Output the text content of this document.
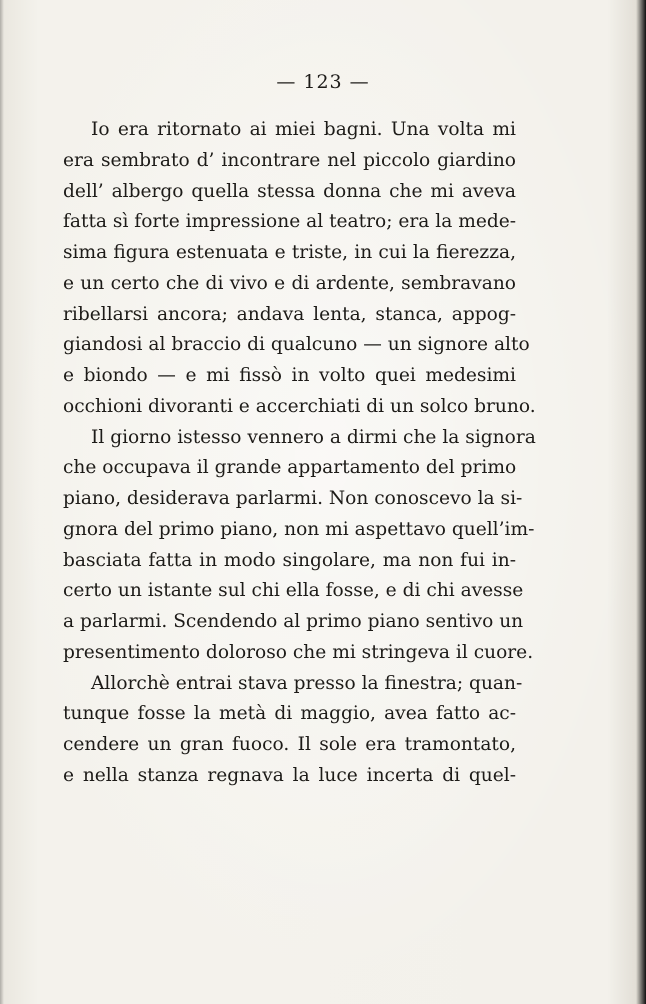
— 123 —
Io era ritornato ai miei bagni. Una volta mi
era sembrato d’ incontrare nel piccolo giardino
dell’ albergo quella stessa donna che mi aveva
fatta sì forte impressione al teatro; era la mede-
sima figura estenuata e triste, in cui la fierezza,
e un certo che di vivo e di ardente, sembravano
ribellarsi ancora; andava lenta, stanca, appog-
giandosi al braccio di qualcuno — un signore alto
e biondo — e mi fissò in volto quei medesimi
occhioni divoranti e accerchiati di un solco bruno.
Il giorno istesso vennero a dirmi che la signora
che occupava il grande appartamento del primo
piano, desiderava parlarmi. Non conoscevo la si-
gnora del primo piano, non mi aspettavo quell’im-
basciata fatta in modo singolare, ma non fui in-
certo un istante sul chi ella fosse, e di chi avesse
a parlarmi. Scendendo al primo piano sentivo un
presentimento doloroso che mi stringeva il cuore.
Allorchè entrai stava presso la finestra; quan-
tunque fosse la metà di maggio, avea fatto ac-
cendere un gran fuoco. Il sole era tramontato,
e nella stanza regnava la luce incerta di quel-
